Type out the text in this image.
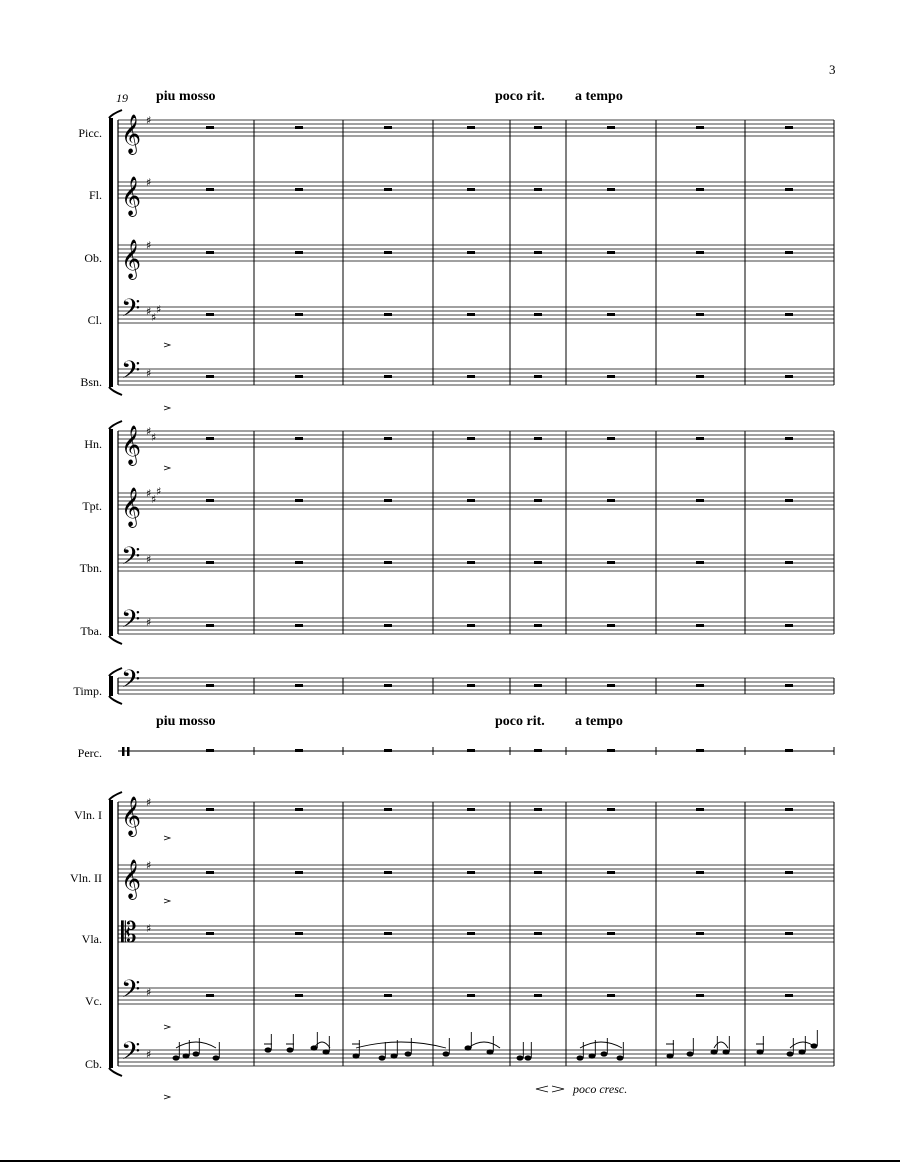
3
19 piu mosso	poco rit. a tempo
piu mosso	poco rit. a tempo
Picc.
Fl.
Ob.
Cl.
Bsn.
Hn.
Tpt.
Tbn.
Tba.
Timp.
Perc.
Vln. I
Vln. II
Vla.
Vc.
Cb.
poco cresc.
𝄞
𝄞
𝄞
𝄢
𝄢
𝄞
𝄞
𝄢
𝄢
𝄢
𝄞
𝄞
𝄡
𝄢
𝄢
♯
♯
♯
♯ ♯
♯
♯
♯ ♯
♯ ♯
♯
♯
♯
♯
♯
♯
♯
♯
